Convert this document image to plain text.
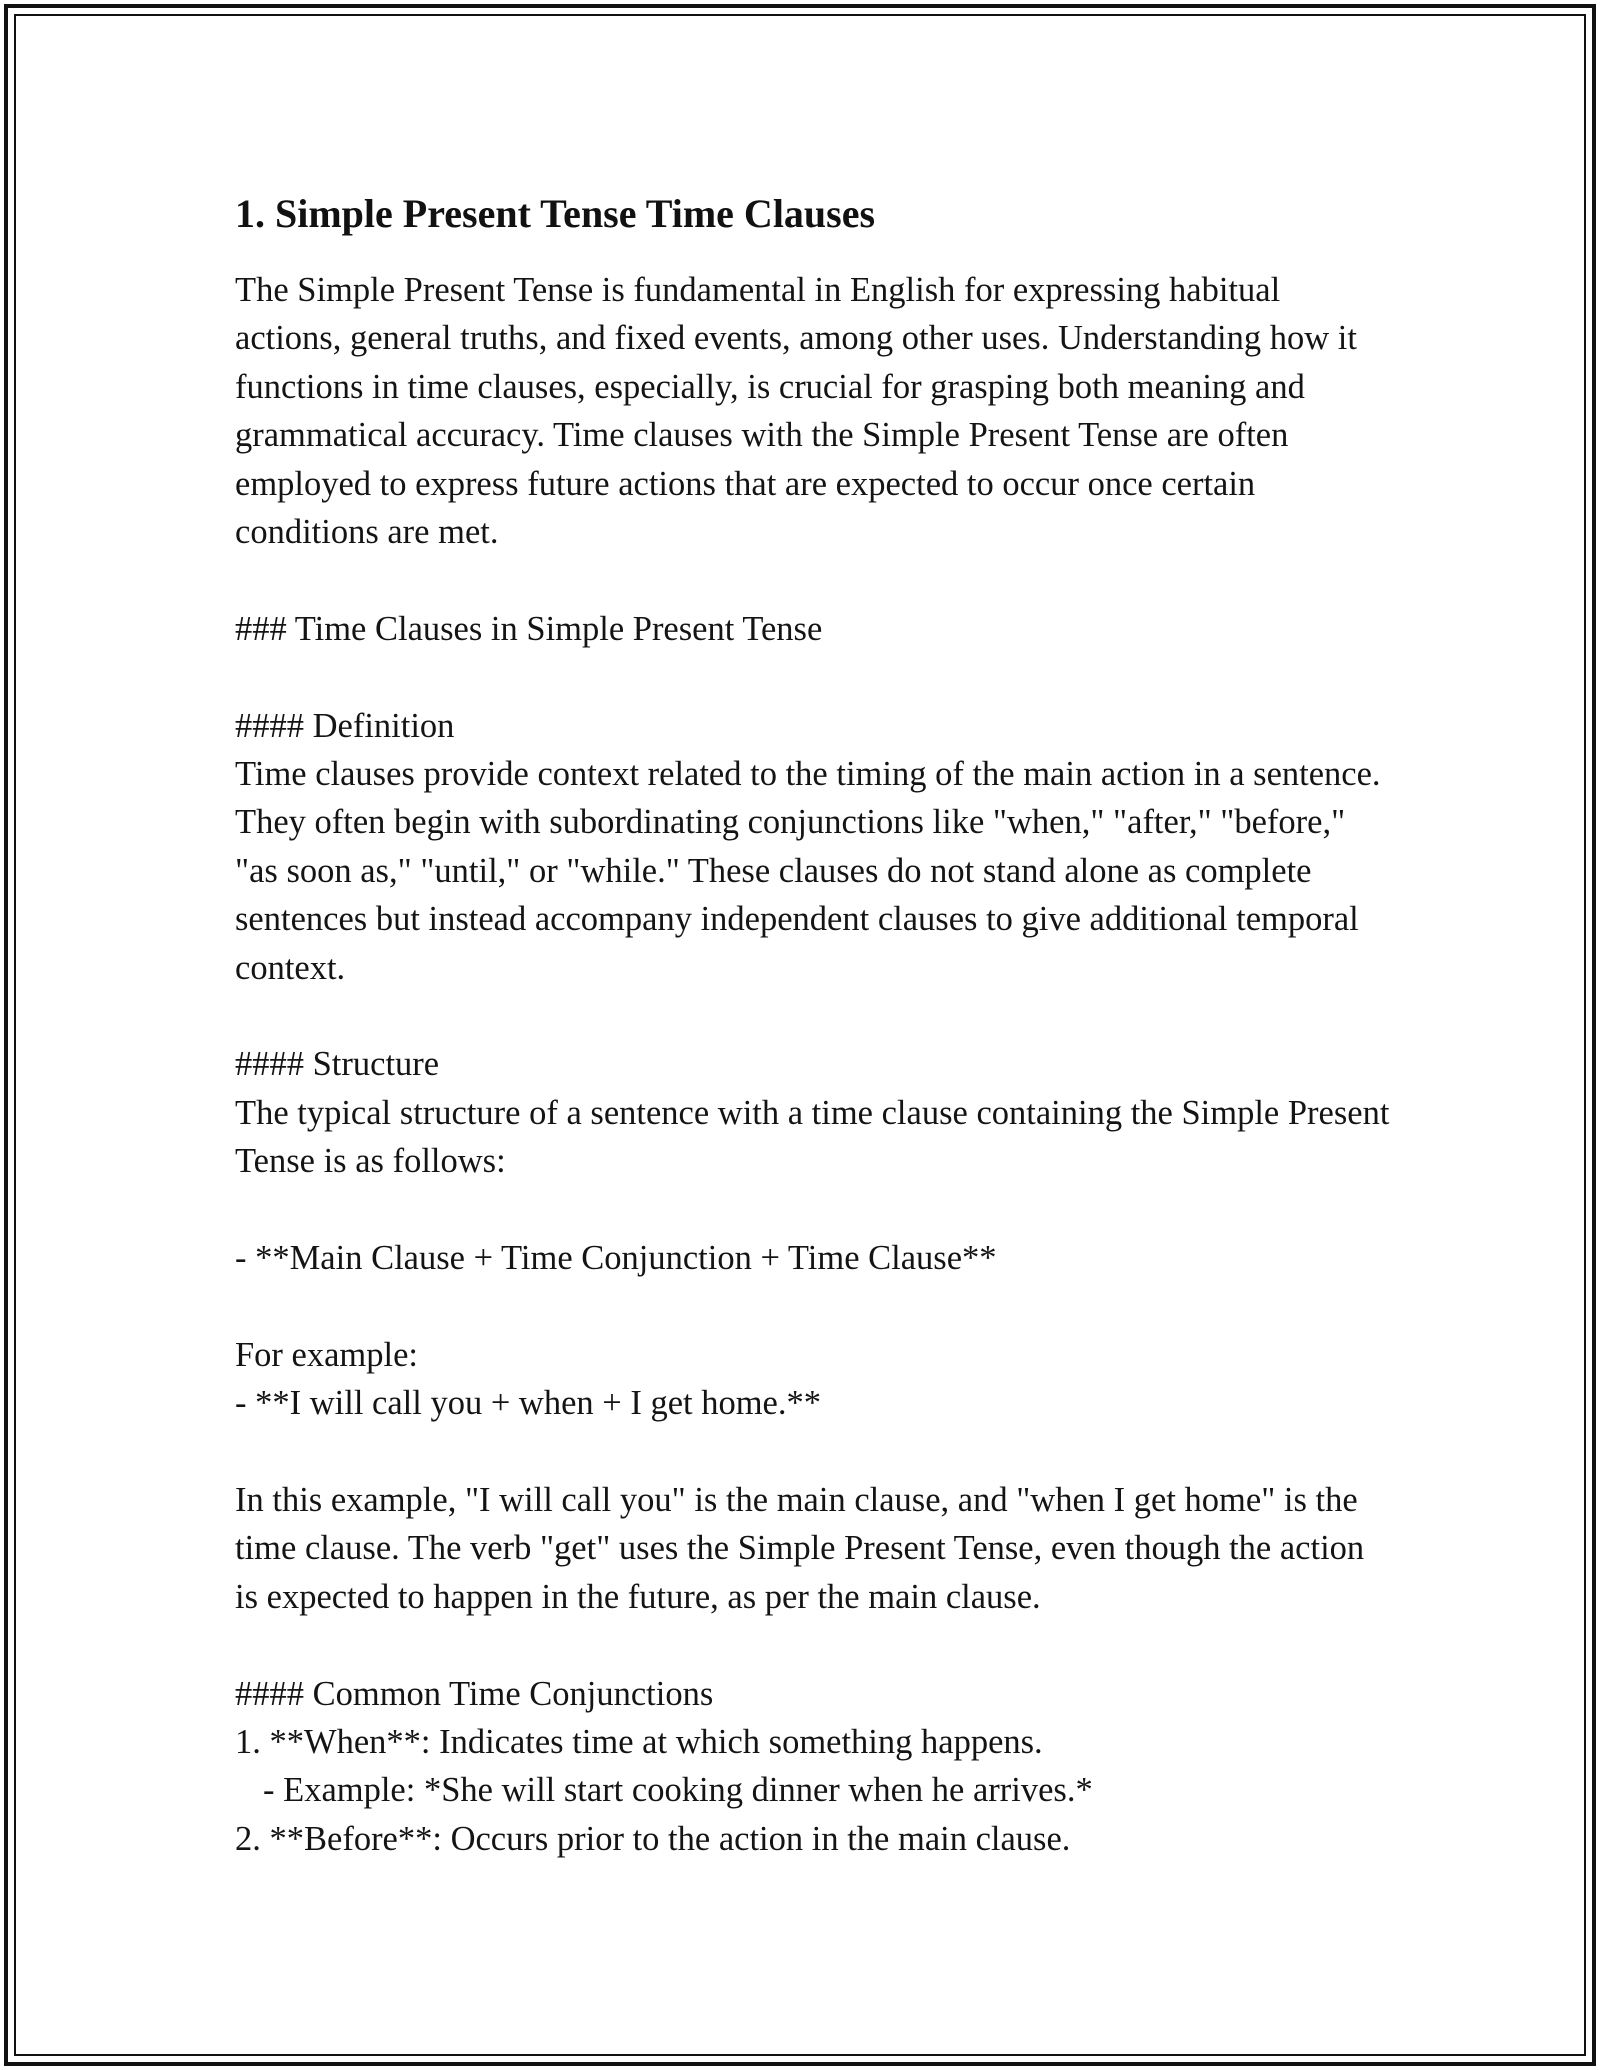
1. Simple Present Tense Time Clauses

The Simple Present Tense is fundamental in English for expressing habitual actions, general truths, and fixed events, among other uses. Understanding how it functions in time clauses, especially, is crucial for grasping both meaning and grammatical accuracy. Time clauses with the Simple Present Tense are often employed to express future actions that are expected to occur once certain conditions are met.

### Time Clauses in Simple Present Tense

#### Definition

Time clauses provide context related to the timing of the main action in a sentence. They often begin with subordinating conjunctions like "when," "after," "before," "as soon as," "until," or "while." These clauses do not stand alone as complete sentences but instead accompany independent clauses to give additional temporal context.

#### Structure

The typical structure of a sentence with a time clause containing the Simple Present Tense is as follows:

- **Main Clause + Time Conjunction + Time Clause**

For example:

- **I will call you + when + I get home.**

In this example, "I will call you" is the main clause, and "when I get home" is the time clause. The verb "get" uses the Simple Present Tense, even though the action is expected to happen in the future, as per the main clause.

#### Common Time Conjunctions

1. **When**: Indicates time at which something happens.

- Example: *She will start cooking dinner when he arrives.*

2. **Before**: Occurs prior to the action in the main clause.
